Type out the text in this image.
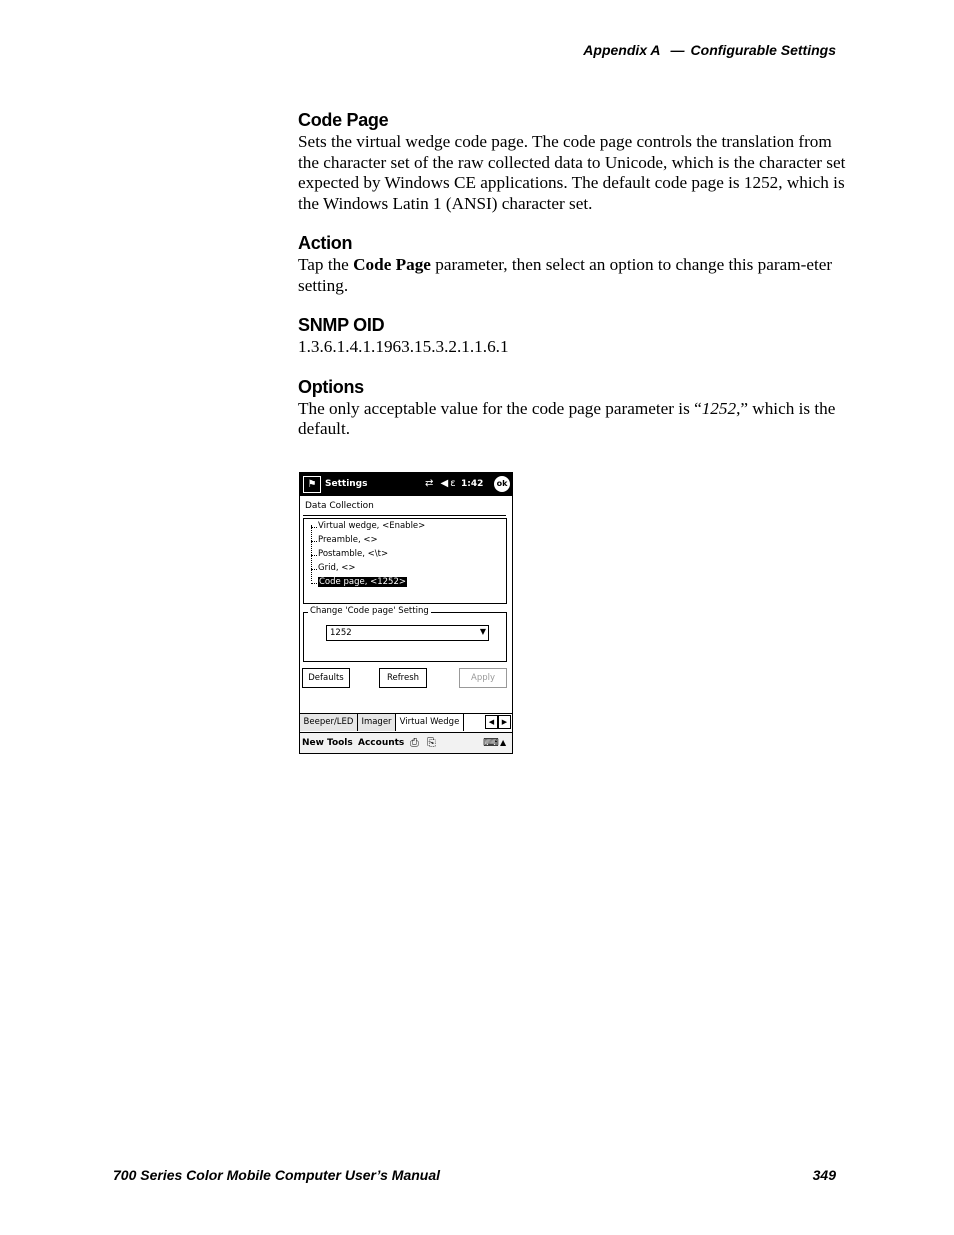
Appendix A — Configurable Settings
Code Page

Sets the virtual wedge code page. The code page controls the translation from the character set of the raw collected data to Unicode, which is the character set expected by Windows CE applications. The default code page is 1252, which is the Windows Latin 1 (ANSI) character set.

Action

Tap the Code Page parameter, then select an option to change this param-eter setting.

SNMP OID

1.3.6.1.4.1.1963.15.3.2.1.1.6.1

Options

The only acceptable value for the code page parameter is “1252,” which is the default.

⚑ Settings	⇄ ◀ε 1:42	ok
Data Collection
Virtual wedge, <Enable>
Preamble, <>
Postamble, <\t>
Grid, <>
Code page, <1252>
Change 'Code page' Setting
1252	▼
Defaults	Refresh	Apply
Beeper/LED Imager Virtual Wedge	◀	▶
New Tools Accounts ⎙ ⎘	⌨ ▲
700 Series Color Mobile Computer User’s Manual	349
